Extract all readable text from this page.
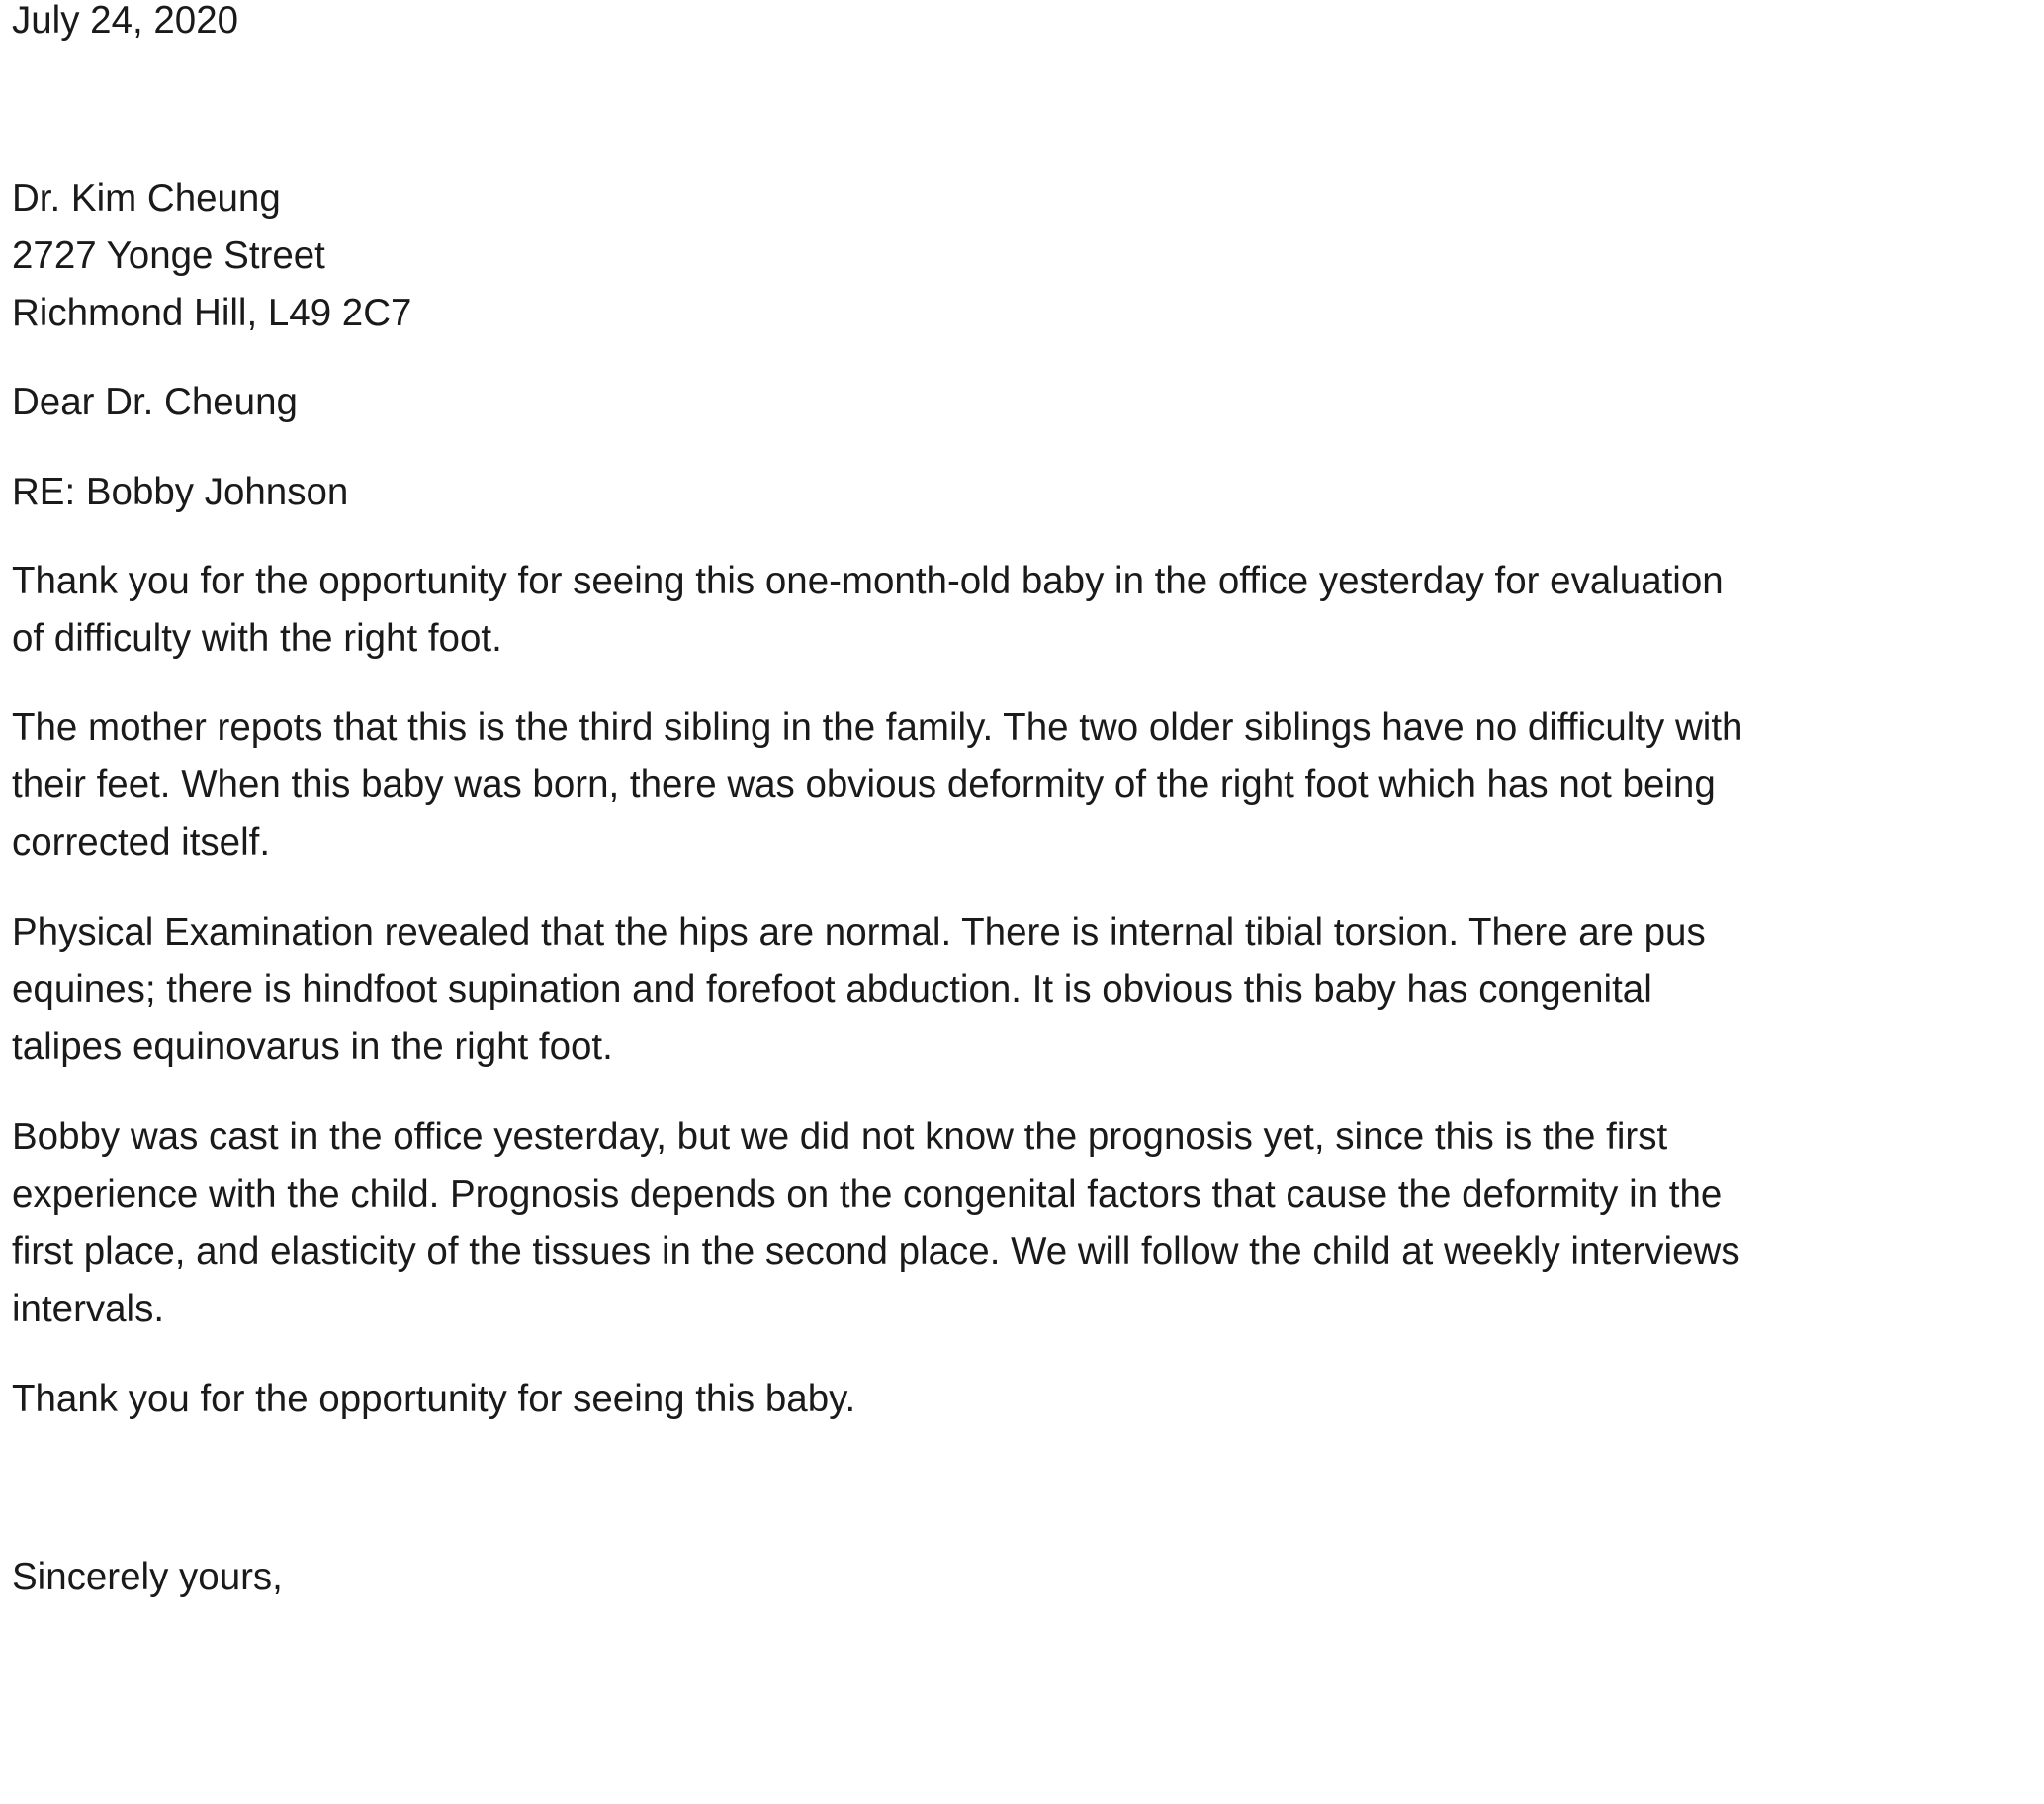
July 24, 2020
Dr. Kim Cheung
2727 Yonge Street
Richmond Hill, L49 2C7
Dear Dr. Cheung
RE: Bobby Johnson
Thank you for the opportunity for seeing this one-month-old baby in the office yesterday for evaluation
of difficulty with the right foot.
The mother repots that this is the third sibling in the family. The two older siblings have no difficulty with
their feet. When this baby was born, there was obvious deformity of the right foot which has not being
corrected itself.
Physical Examination revealed that the hips are normal. There is internal tibial torsion. There are pus
equines; there is hindfoot supination and forefoot abduction. It is obvious this baby has congenital
talipes equinovarus in the right foot.
Bobby was cast in the office yesterday, but we did not know the prognosis yet, since this is the first
experience with the child. Prognosis depends on the congenital factors that cause the deformity in the
first place, and elasticity of the tissues in the second place. We will follow the child at weekly interviews
intervals.
Thank you for the opportunity for seeing this baby.
Sincerely yours,
